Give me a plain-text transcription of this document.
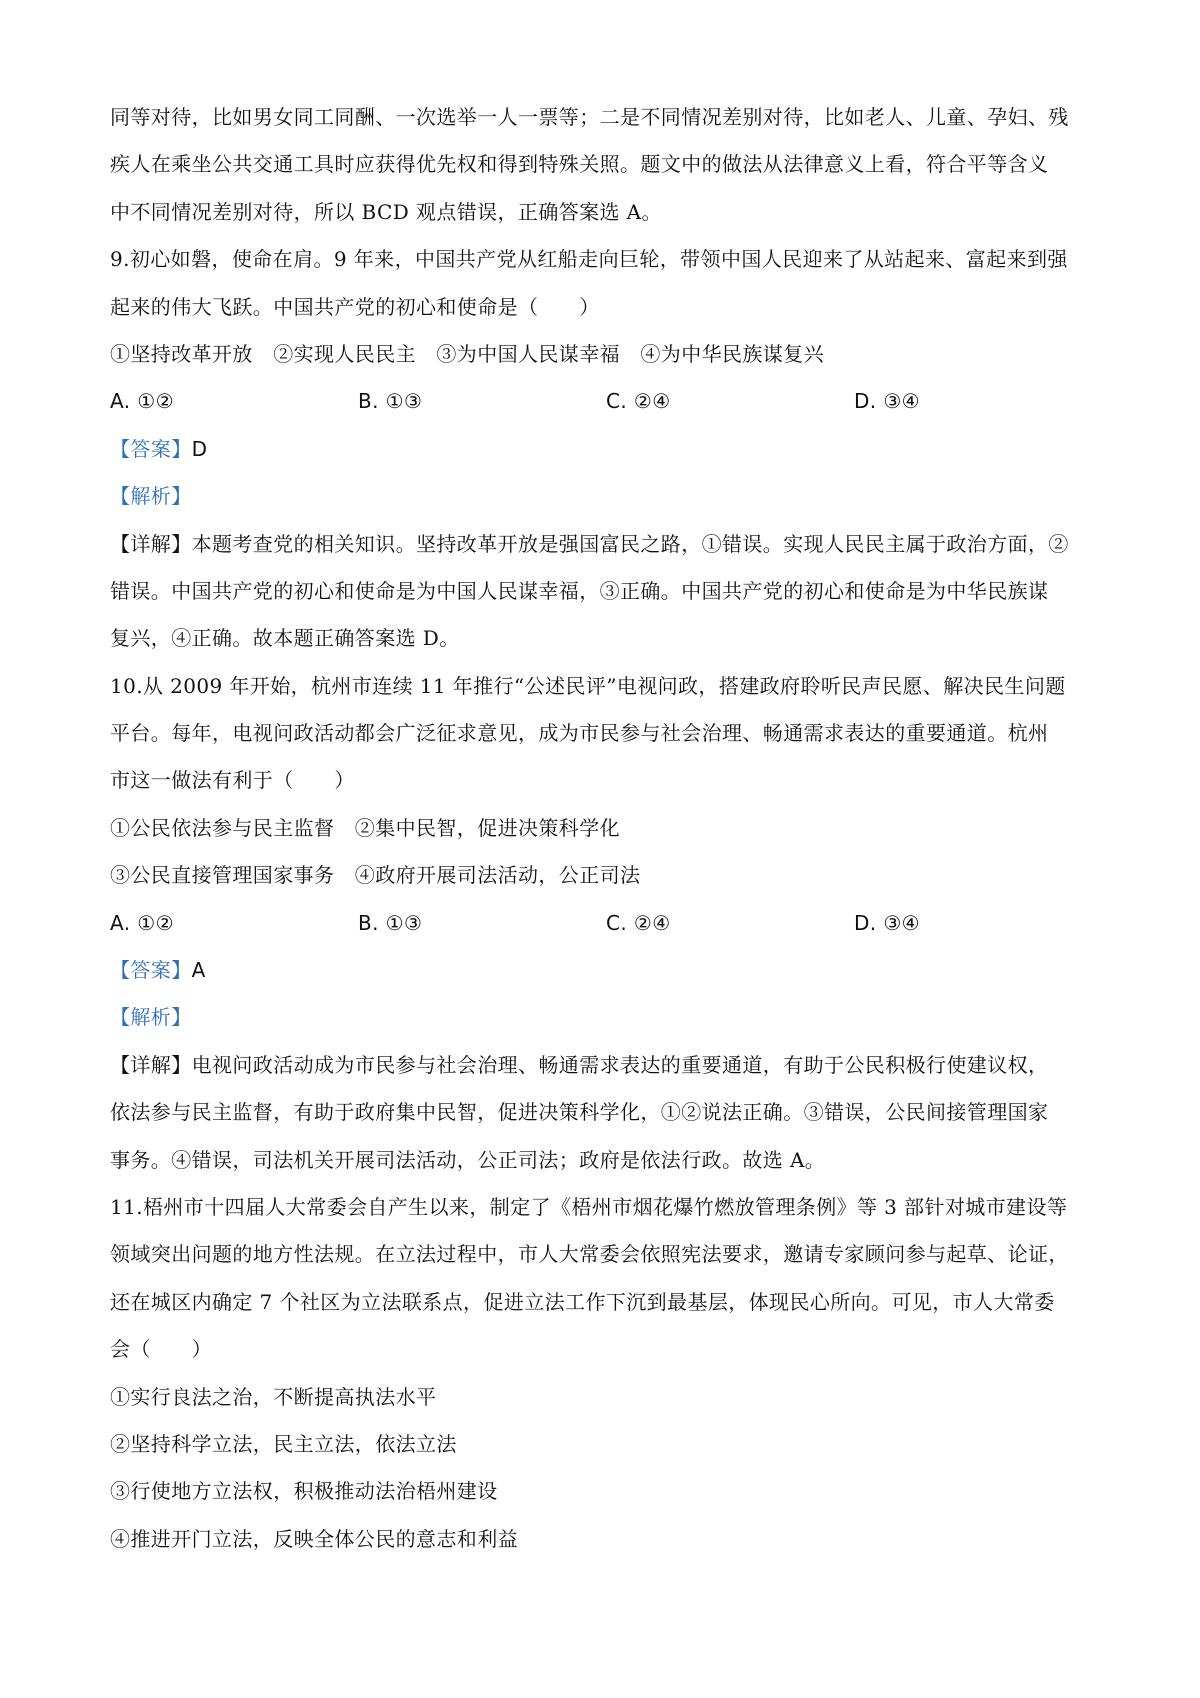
同等对待，比如男女同工同酬、一次选举一人一票等；二是不同情况差别对待，比如老人、儿童、孕妇、残
疾人在乘坐公共交通工具时应获得优先权和得到特殊关照。题文中的做法从法律意义上看，符合平等含义
中不同情况差别对待，所以 BCD 观点错误，正确答案选 A。
9.初心如磐，使命在肩。9 年来，中国共产党从红船走向巨轮，带领中国人民迎来了从站起来、富起来到强
起来的伟大飞跃。中国共产党的初心和使命是（　　）
①坚持改革开放　②实现人民民主　③为中国人民谋幸福　④为中华民族谋复兴
A. ①②	B. ①③	C. ②④	D. ③④
【答案】D
【解析】
【详解】本题考查党的相关知识。坚持改革开放是强国富民之路，①错误。实现人民民主属于政治方面，②
错误。中国共产党的初心和使命是为中国人民谋幸福，③正确。中国共产党的初心和使命是为中华民族谋
复兴，④正确。故本题正确答案选 D。
10.从 2009 年开始，杭州市连续 11 年推行“公述民评”电视问政，搭建政府聆听民声民愿、解决民生问题
平台。每年，电视问政活动都会广泛征求意见，成为市民参与社会治理、畅通需求表达的重要通道。杭州
市这一做法有利于（　　）
①公民依法参与民主监督　②集中民智，促进决策科学化
③公民直接管理国家事务　④政府开展司法活动，公正司法
A. ①②	B. ①③	C. ②④	D. ③④
【答案】A
【解析】
【详解】电视问政活动成为市民参与社会治理、畅通需求表达的重要通道，有助于公民积极行使建议权，
依法参与民主监督，有助于政府集中民智，促进决策科学化，①②说法正确。③错误，公民间接管理国家
事务。④错误，司法机关开展司法活动，公正司法；政府是依法行政。故选 A。
11.梧州市十四届人大常委会自产生以来，制定了《梧州市烟花爆竹燃放管理条例》等 3 部针对城市建设等
领域突出问题的地方性法规。在立法过程中，市人大常委会依照宪法要求，邀请专家顾问参与起草、论证，
还在城区内确定 7 个社区为立法联系点，促进立法工作下沉到最基层，体现民心所向。可见，市人大常委
会（　　）
①实行良法之治，不断提高执法水平
②坚持科学立法，民主立法，依法立法
③行使地方立法权，积极推动法治梧州建设
④推进开门立法，反映全体公民的意志和利益
